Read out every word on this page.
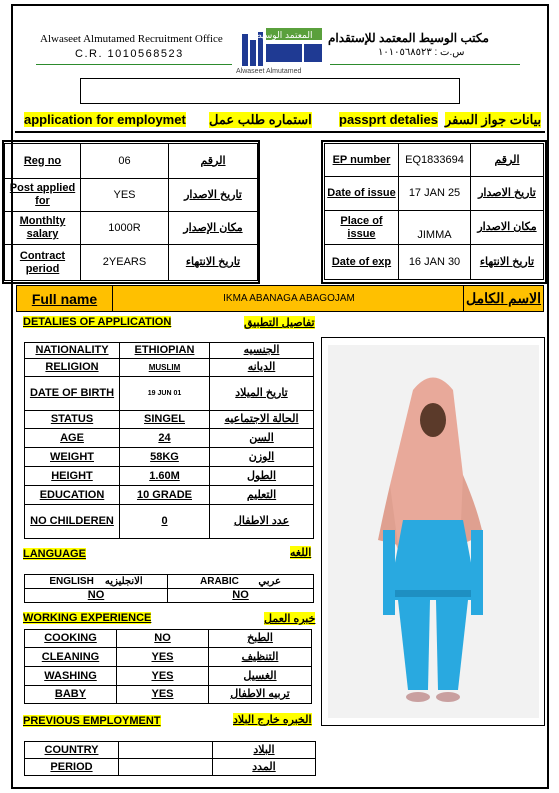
Alwaseet Almutamed Recruitment Office
C.R. 1010568523
مكتب الوسيط المعتمد للإستقدام
س.ت : ١٠١٠٥٦٨٥٢٣
المعتمد الوسيط
Alwaseet Almutamed
application for employmet استماره طلب عمل passprt detalies بيانات جواز السفر
Reg no	06	الرقم
Post applied for	YES	تاريخ الاصدار
Monthlty salary	1000R	مكان الإصدار
Contract period	2YEARS	تاريخ الانتهاء
EP number	EQ1833694	الرقم
Date of issue	17 JAN 25	تاريخ الاصدار
Place of issue	JIMMA	مكان الاصدار
Date of exp	16 JAN 30	تاريخ الانتهاء
Full name	IKMA ABANAGA ABAGOJAM	الاسم الكامل
DETALIES OF APPLICATION	تفاصيل التطبيق
NATIONALITY	ETHIOPIAN	الجنسيه
RELIGION	MUSLIM	الديانه
DATE OF BIRTH	19 JUN 01	تاريخ الميلاد
STATUS	SINGEL	الحالة الاجتماعيه
AGE	24	السن
WEIGHT	58KG	الوزن
HEIGHT	1.60M	الطول
EDUCATION	10 GRADE	التعليم
NO CHILDEREN	0	عدد الاطفال
LANGUAGE	اللغه
ENGLISH الانجليزيه	ARABIC عربي
NO	NO
WORKING EXPERIENCE	خبره العمل
COOKING	NO	الطبخ
CLEANING	YES	التنظيف
WASHING	YES	الغسيل
BABY	YES	تربيه الاطفال
PREVIOUS EMPLOYMENT	الخبره خارج البلاد
COUNTRY		البلاد
PERIOD		المدد
